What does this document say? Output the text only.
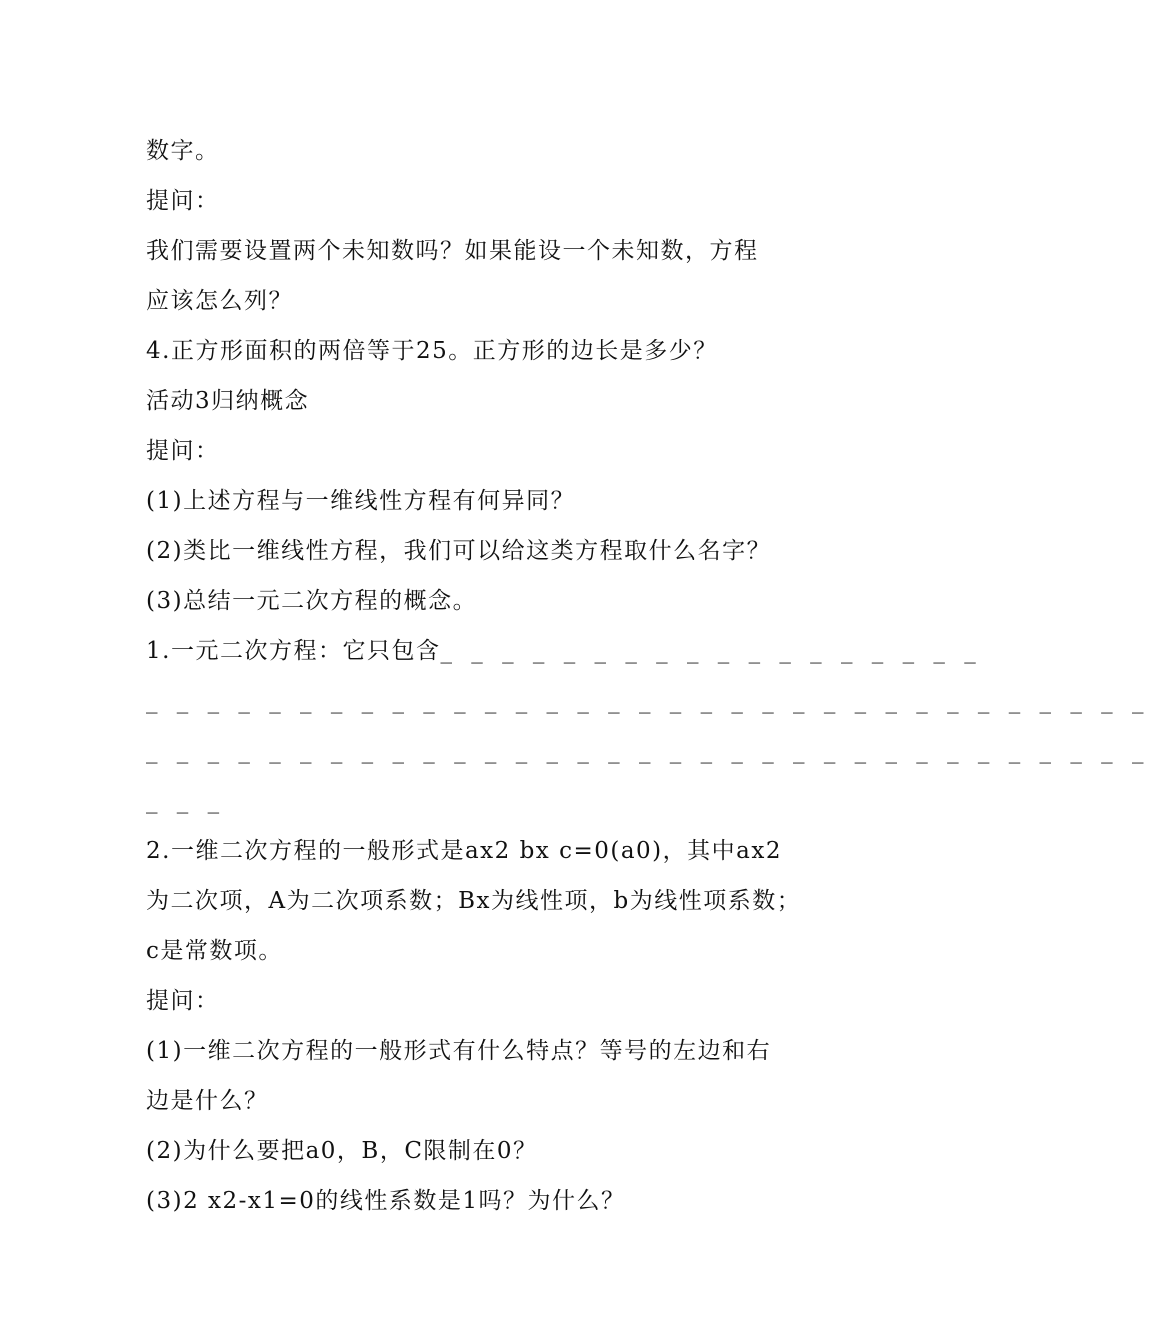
数字。
提问：
我们需要设置两个未知数吗？如果能设一个未知数，方程
应该怎么列？
4.正方形面积的两倍等于25。正方形的边长是多少？
活动3归纳概念
提问：
(1)上述方程与一维线性方程有何异同？
(2)类比一维线性方程，我们可以给这类方程取什么名字？
(3)总结一元二次方程的概念。
1.一元二次方程：它只包含_ _ _ _ _ _ _ _ _ _ _ _ _ _ _ _ _ _
_ _ _ _ _ _ _ _ _ _ _ _ _ _ _ _ _ _ _ _ _ _ _ _ _ _ _ _ _ _ _ _ _
_ _ _ _ _ _ _ _ _ _ _ _ _ _ _ _ _ _ _ _ _ _ _ _ _ _ _ _ _ _ _ _ _
_ _ _
2.一维二次方程的一般形式是ax2 bx c=0(a0)，其中ax2
为二次项，A为二次项系数；Bx为线性项，b为线性项系数；
c是常数项。
提问：
(1)一维二次方程的一般形式有什么特点？等号的左边和右
边是什么？
(2)为什么要把a0，B，C限制在0？
(3)2 x2-x1=0的线性系数是1吗？为什么？
